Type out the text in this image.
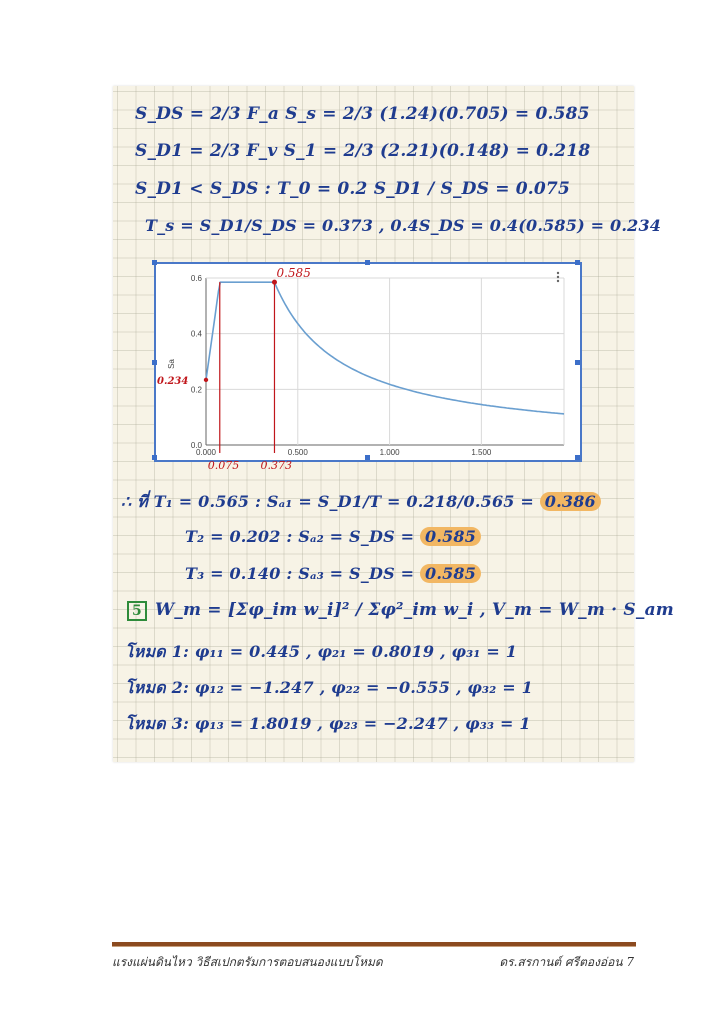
S_DS = 2/3 F_a S_s = 2/3 (1.24)(0.705) = 0.585
S_D1 = 2/3 F_v S_1 = 2/3 (2.21)(0.148) = 0.218
S_D1 < S_DS : T_0 = 0.2 S_D1 / S_DS = 0.075
T_s = S_D1/S_DS = 0.373 , 0.4S_DS = 0.4(0.585) = 0.234
0.0
0.2
0.4
0.6
0.000	0.500	1.000	1.500
Sa
0.585
0.075 0.373
0.234
∴ ที่ T₁ = 0.565 : Sₐ₁ = S_D1/T = 0.218/0.565 = 0.386
T₂ = 0.202 : Sₐ₂ = S_DS = 0.585
T₃ = 0.140 : Sₐ₃ = S_DS = 0.585
5 W_m = [Σφ_im w_i]² / Σφ²_im w_i , V_m = W_m · S_am
โหมด 1: φ₁₁ = 0.445 , φ₂₁ = 0.8019 , φ₃₁ = 1
โหมด 2: φ₁₂ = −1.247 , φ₂₂ = −0.555 , φ₃₂ = 1
โหมด 3: φ₁₃ = 1.8019 , φ₂₃ = −2.247 , φ₃₃ = 1
แรงแผ่นดินไหว วิธีสเปกตรัมการตอบสนองแบบโหมด	ดร.สรกานต์ ศรีตองอ่อน 7
